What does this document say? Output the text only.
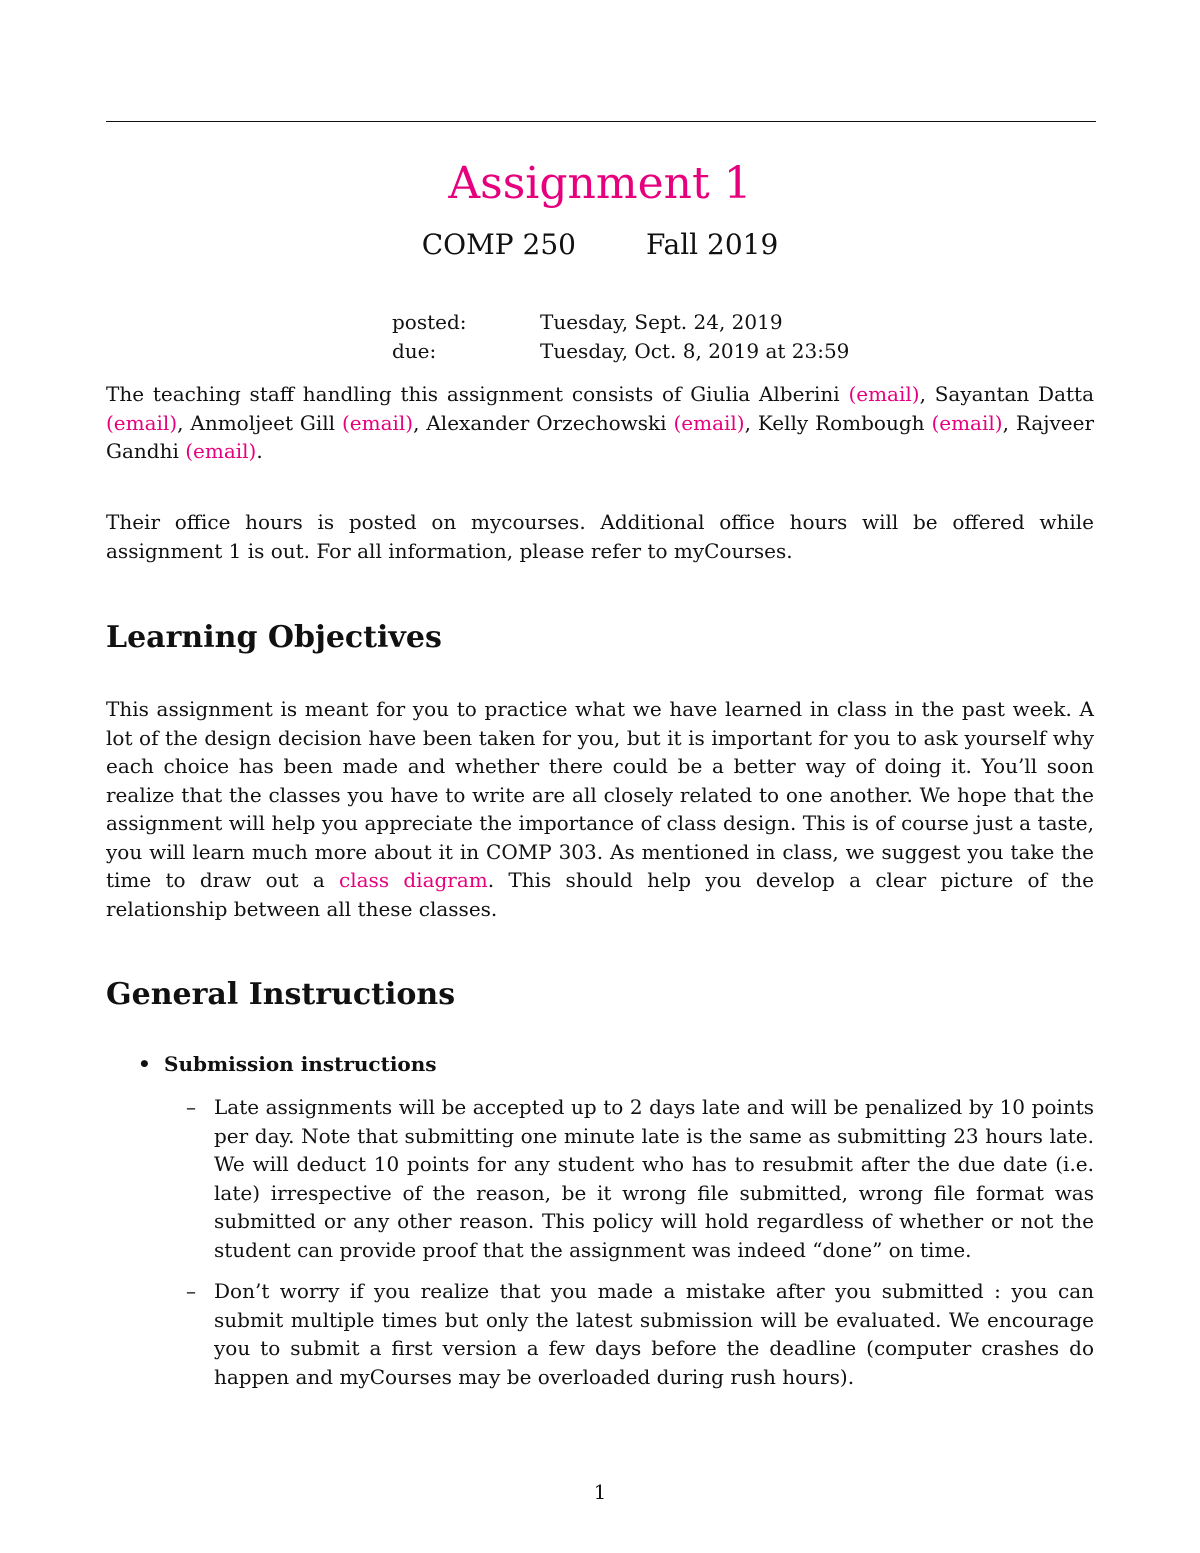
Assignment 1
COMP 250	Fall 2019
posted:	Tuesday, Sept. 24, 2019
due:	Tuesday, Oct. 8, 2019 at 23:59

The teaching staff handling this assignment consists of Giulia Alberini (email), Sayantan Datta (email), Anmoljeet Gill (email), Alexander Orzechowski (email), Kelly Rombough (email), Rajveer Gandhi (email).

Their office hours is posted on mycourses. Additional office hours will be offered while assignment 1 is out. For all information, please refer to myCourses.

Learning Objectives

This assignment is meant for you to practice what we have learned in class in the past week. A lot of the design decision have been taken for you, but it is important for you to ask yourself why each choice has been made and whether there could be a better way of doing it. You’ll soon realize that the classes you have to write are all closely related to one another. We hope that the assignment will help you appreciate the importance of class design. This is of course just a taste, you will learn much more about it in COMP 303. As mentioned in class, we suggest you take the time to draw out a class diagram. This should help you develop a clear picture of the relationship between all these classes.

General Instructions
• Submission instructions
– Late assignments will be accepted up to 2 days late and will be penalized by 10 points per day. Note that submitting one minute late is the same as submitting 23 hours late. We will deduct 10 points for any student who has to resubmit after the due date (i.e. late) irrespective of the reason, be it wrong file submitted, wrong file format was submitted or any other reason. This policy will hold regardless of whether or not the student can provide proof that the assignment was indeed “done” on time.
– Don’t worry if you realize that you made a mistake after you submitted : you can submit multiple times but only the latest submission will be evaluated. We encourage you to submit a first version a few days before the deadline (computer crashes do happen and myCourses may be overloaded during rush hours).
1
